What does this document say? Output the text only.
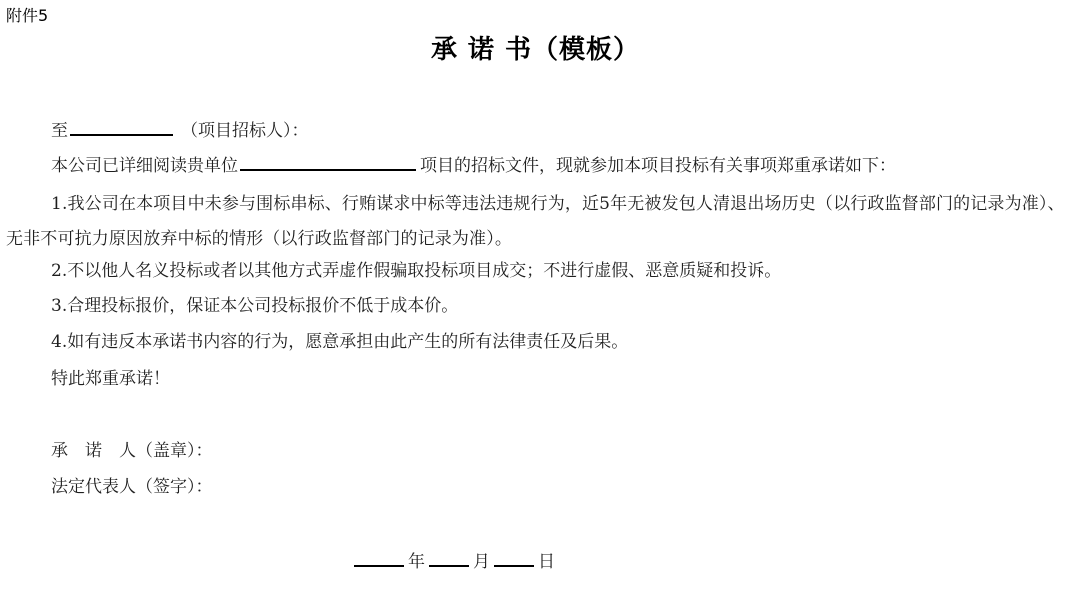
附件5
承 诺 书（模板）
至	（项目招标人）：
本公司已详细阅读贵单位	项目的招标文件，现就参加本项目投标有关事项郑重承诺如下：
1.我公司在本项目中未参与围标串标、行贿谋求中标等违法违规行为，近5年无被发包人清退出场历史（以行政监督部门的记录为准）、无非不可抗力原因放弃中标的情形（以行政监督部门的记录为准）。
2.不以他人名义投标或者以其他方式弄虚作假骗取投标项目成交；不进行虚假、恶意质疑和投诉。
3.合理投标报价，保证本公司投标报价不低于成本价。
4.如有违反本承诺书内容的行为，愿意承担由此产生的所有法律责任及后果。
特此郑重承诺！
承　诺　人（盖章）：
法定代表人（签字）：
年	月	日
